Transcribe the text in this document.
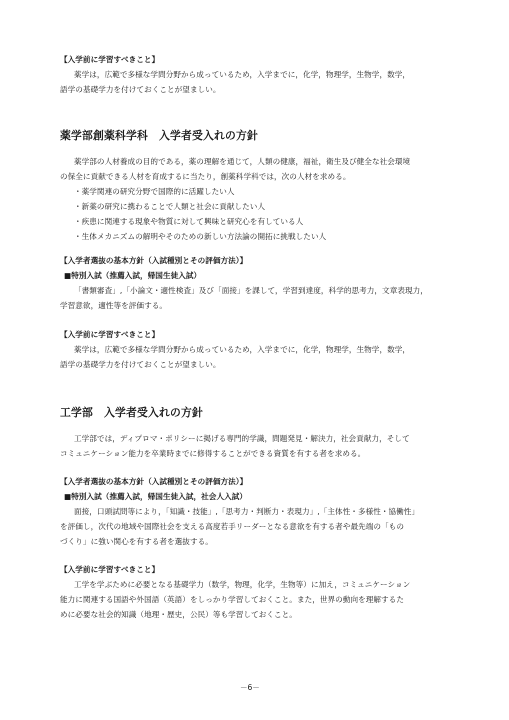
【入学前に学習すべきこと】
薬学は，広範で多様な学問分野から成っているため，入学までに，化学，物理学，生物学，数学，
語学の基礎学力を付けておくことが望ましい。
薬学部創薬科学科　入学者受入れの方針
薬学部の人材養成の目的である，薬の理解を通じて，人類の健康，福祉，衛生及び健全な社会環境
の保全に貢献できる人材を育成するに当たり，創薬科学科では，次の人材を求める。
・薬学関連の研究分野で国際的に活躍したい人
・新薬の研究に携わることで人類と社会に貢献したい人
・疾患に関連する現象や物質に対して興味と研究心を有している人
・生体メカニズムの解明やそのための新しい方法論の開拓に挑戦したい人
【入学者選抜の基本方針（入試種別とその評価方法）】
■特別入試（推薦入試，帰国生徒入試）
「書類審査」,「小論文・適性検査」及び「面接」を課して，学習到達度，科学的思考力，文章表現力，
学習意欲，適性等を評価する。
【入学前に学習すべきこと】
薬学は，広範で多様な学問分野から成っているため，入学までに，化学，物理学，生物学，数学，
語学の基礎学力を付けておくことが望ましい。
工学部　入学者受入れの方針
工学部では，ディプロマ・ポリシーに掲げる専門的学識，問題発見・解決力，社会貢献力，そして
コミュニケーション能力を卒業時までに修得することができる資質を有する者を求める。
【入学者選抜の基本方針（入試種別とその評価方法）】
■特別入試（推薦入試，帰国生徒入試，社会人入試）
面接，口頭試問等により，「知識・技能」,「思考力・判断力・表現力」,「主体性・多様性・協働性」
を評価し，次代の地域や国際社会を支える高度若手リーダーとなる意欲を有する者や最先端の「もの
づくり」に強い関心を有する者を選抜する。
【入学前に学習すべきこと】
工学を学ぶために必要となる基礎学力（数学，物理，化学，生物等）に加え，コミュニケーション
能力に関連する国語や外国語（英語）をしっかり学習しておくこと。また，世界の動向を理解するた
めに必要な社会的知識（地理・歴史，公民）等も学習しておくこと。
－6－
